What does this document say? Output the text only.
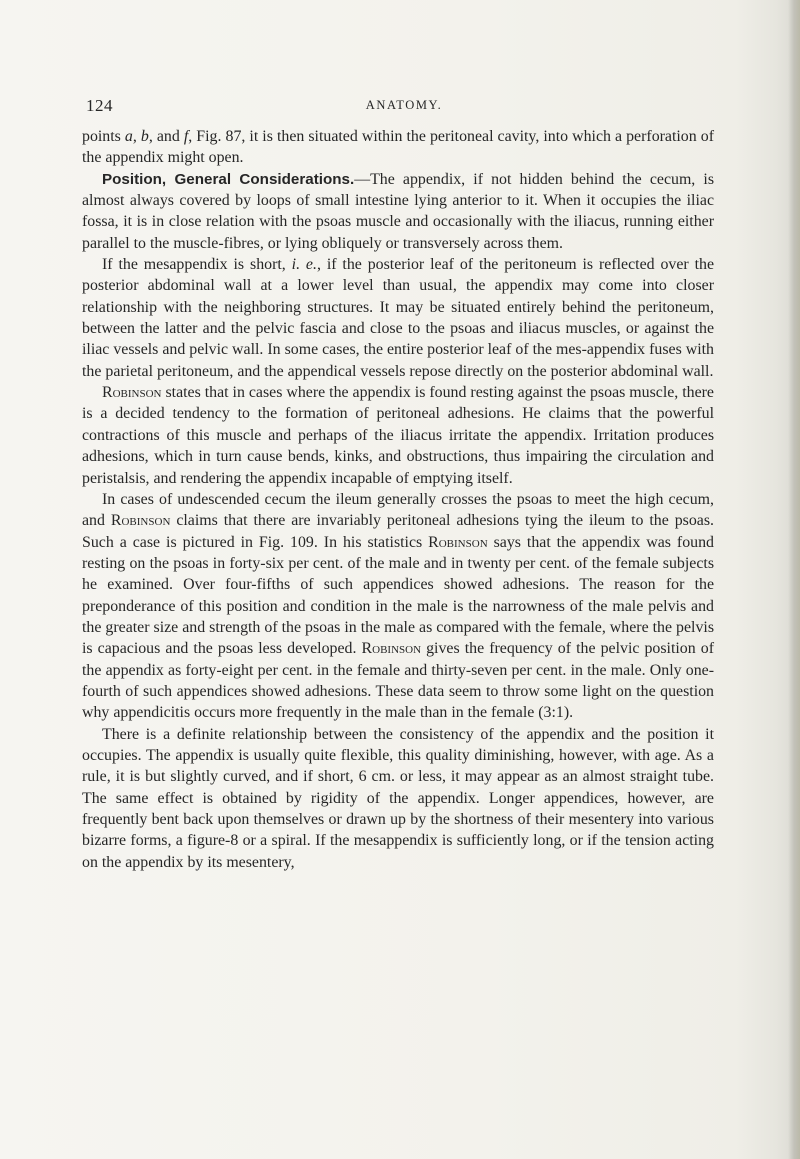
124	ANATOMY.

points a, b, and f, Fig. 87, it is then situated within the peritoneal cavity, into which a perforation of the appendix might open.

Position, General Considerations.—The appendix, if not hidden behind the cecum, is almost always covered by loops of small intestine lying anterior to it. When it occupies the iliac fossa, it is in close relation with the psoas muscle and occasionally with the iliacus, running either parallel to the muscle-fibres, or lying obliquely or transversely across them.

If the mesappendix is short, i. e., if the posterior leaf of the peritoneum is reflected over the posterior abdominal wall at a lower level than usual, the appendix may come into closer relationship with the neighboring structures. It may be situated entirely behind the peritoneum, between the latter and the pelvic fascia and close to the psoas and iliacus muscles, or against the iliac vessels and pelvic wall. In some cases, the entire posterior leaf of the mes-appendix fuses with the parietal peritoneum, and the appendical vessels repose directly on the posterior abdominal wall.

Robinson states that in cases where the appendix is found resting against the psoas muscle, there is a decided tendency to the formation of peritoneal adhesions. He claims that the powerful contractions of this muscle and perhaps of the iliacus irritate the appendix. Irritation produces adhesions, which in turn cause bends, kinks, and obstructions, thus impairing the circulation and peristalsis, and rendering the appendix incapable of emptying itself.

In cases of undescended cecum the ileum generally crosses the psoas to meet the high cecum, and Robinson claims that there are invariably peritoneal adhesions tying the ileum to the psoas. Such a case is pictured in Fig. 109. In his statistics Robinson says that the appendix was found resting on the psoas in forty-six per cent. of the male and in twenty per cent. of the female subjects he examined. Over four-fifths of such appendices showed adhesions. The reason for the preponderance of this position and condition in the male is the narrowness of the male pelvis and the greater size and strength of the psoas in the male as compared with the female, where the pelvis is capacious and the psoas less developed. Robinson gives the frequency of the pelvic position of the appendix as forty-eight per cent. in the female and thirty-seven per cent. in the male. Only one-fourth of such appendices showed adhesions. These data seem to throw some light on the question why appendicitis occurs more frequently in the male than in the female (3:1).

There is a definite relationship between the consistency of the appendix and the position it occupies. The appendix is usually quite flexible, this quality diminishing, however, with age. As a rule, it is but slightly curved, and if short, 6 cm. or less, it may appear as an almost straight tube. The same effect is obtained by rigidity of the appendix. Longer appendices, however, are frequently bent back upon themselves or drawn up by the shortness of their mesentery into various bizarre forms, a figure-8 or a spiral. If the mesappendix is sufficiently long, or if the tension acting on the appendix by its mesentery,
